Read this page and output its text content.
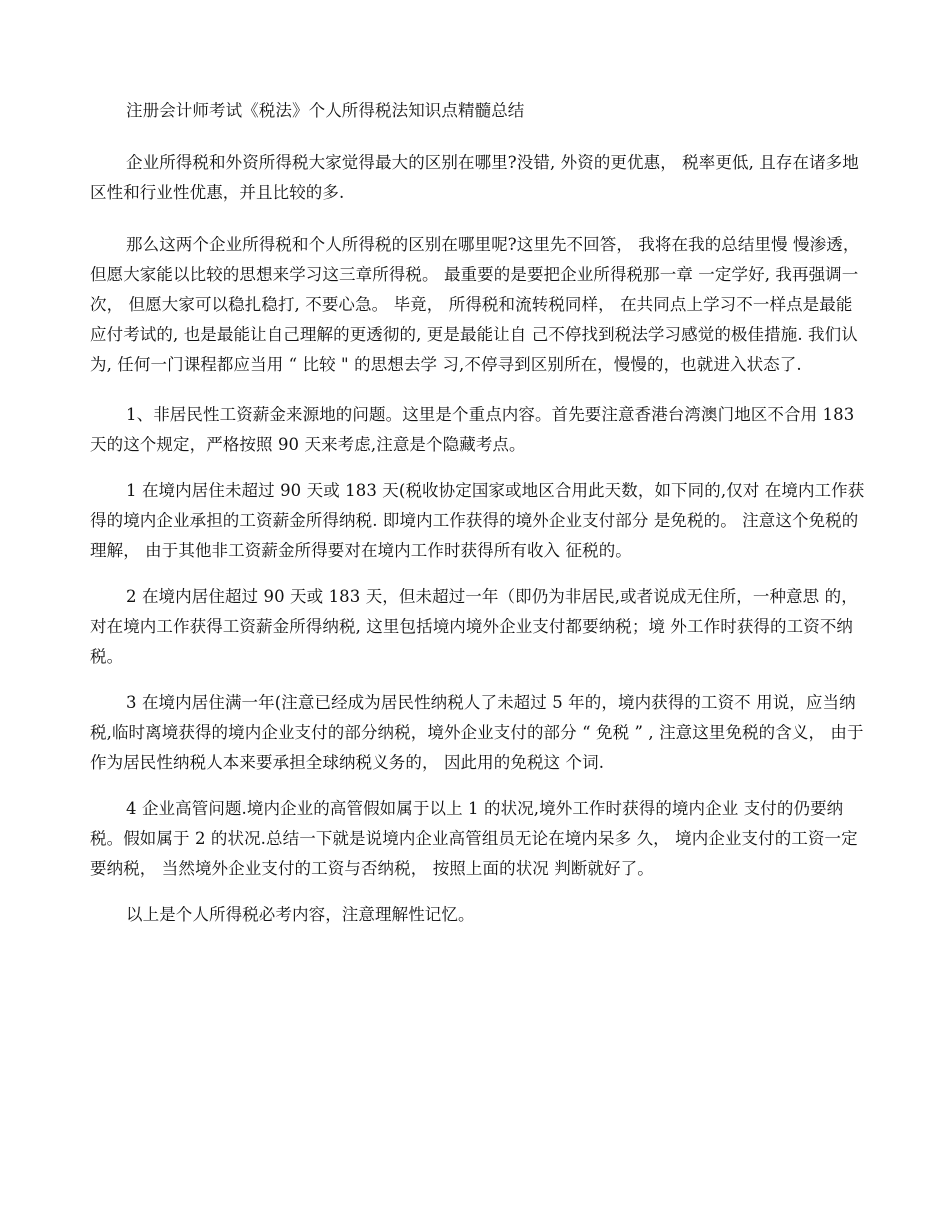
注册会计师考试《税法》个人所得税法知识点精髓总结

企业所得税和外资所得税大家觉得最大的区别在哪里?没错, 外资的更优惠， 税率更低, 且存在诸多地区性和行业性优惠，并且比较的多.

那么这两个企业所得税和个人所得税的区别在哪里呢?这里先不回答， 我将在我的总结里慢 慢渗透， 但愿大家能以比较的思想来学习这三章所得税。 最重要的是要把企业所得税那一章 一定学好, 我再强调一次， 但愿大家可以稳扎稳打, 不要心急。 毕竟， 所得税和流转税同样， 在共同点上学习不一样点是最能应付考试的, 也是最能让自己理解的更透彻的, 更是最能让自 己不停找到税法学习感觉的极佳措施. 我们认为, 任何一门课程都应当用 “ 比较 " 的思想去学 习,不停寻到区别所在，慢慢的，也就进入状态了.

1、非居民性工资薪金来源地的问题。这里是个重点内容。首先要注意香港台湾澳门地区不合用 183 天的这个规定，严格按照 90 天来考虑,注意是个隐藏考点。

1 在境内居住未超过 90 天或 183 天(税收协定国家或地区合用此天数，如下同的,仅对 在境内工作获得的境内企业承担的工资薪金所得纳税. 即境内工作获得的境外企业支付部分 是免税的。 注意这个免税的理解， 由于其他非工资薪金所得要对在境内工作时获得所有收入 征税的。

2 在境内居住超过 90 天或 183 天，但未超过一年（即仍为非居民,或者说成无住所，一种意思 的， 对在境内工作获得工资薪金所得纳税, 这里包括境内境外企业支付都要纳税；境 外工作时获得的工资不纳税。

3 在境内居住满一年(注意已经成为居民性纳税人了未超过 5 年的，境内获得的工资不 用说，应当纳税,临时离境获得的境内企业支付的部分纳税，境外企业支付的部分 “ 免税 ” , 注意这里免税的含义， 由于作为居民性纳税人本来要承担全球纳税义务的， 因此用的免税这 个词.

4 企业高管问题.境内企业的高管假如属于以上 1 的状况,境外工作时获得的境内企业 支付的仍要纳税。假如属于 2 的状况.总结一下就是说境内企业高管组员无论在境内呆多 久， 境内企业支付的工资一定要纳税， 当然境外企业支付的工资与否纳税， 按照上面的状况 判断就好了。

以上是个人所得税必考内容，注意理解性记忆。
